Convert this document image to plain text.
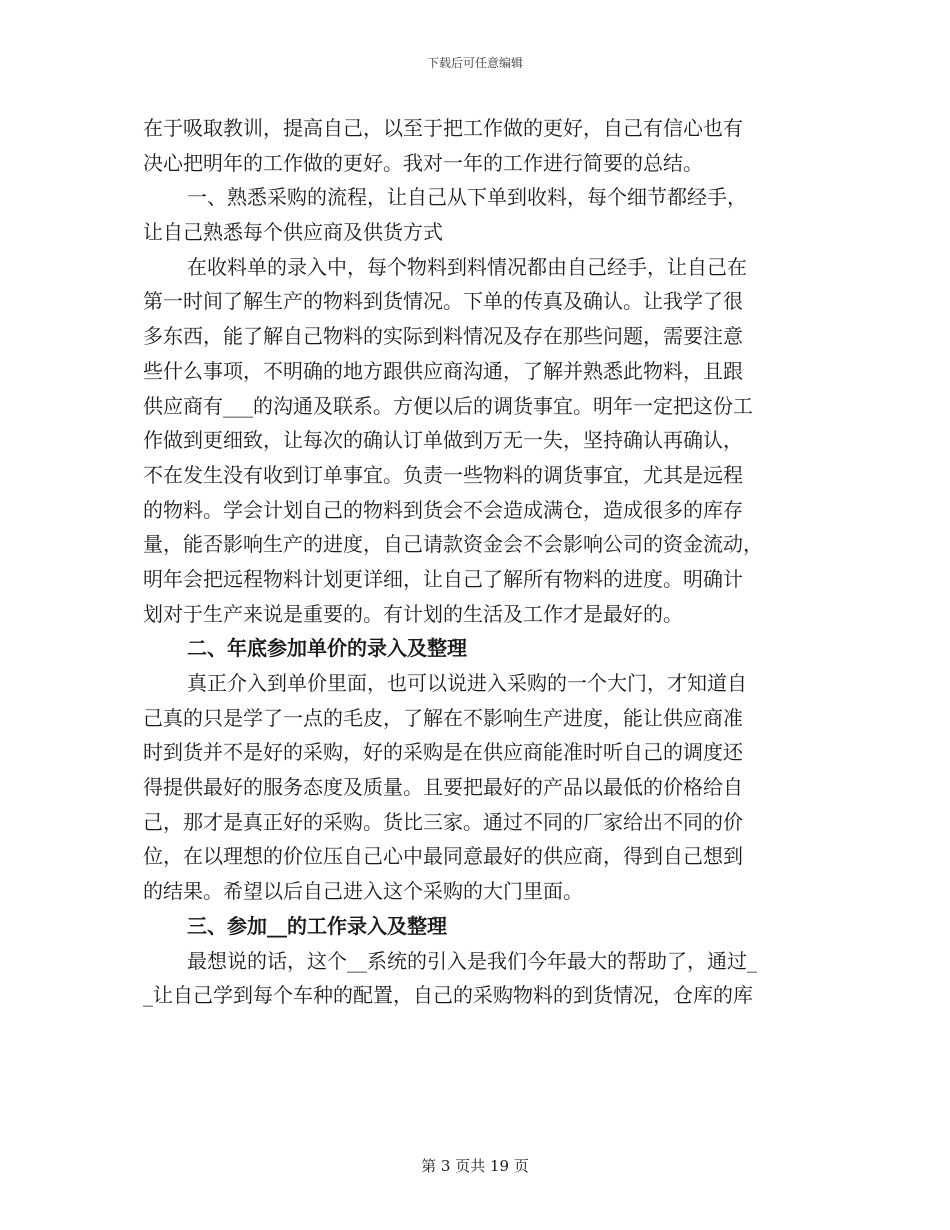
下载后可任意编辑
在于吸取教训，提高自己，以至于把工作做的更好，自己有信心也有
决心把明年的工作做的更好。我对一年的工作进行简要的总结。
一、熟悉采购的流程，让自己从下单到收料，每个细节都经手，
让自己熟悉每个供应商及供货方式
在收料单的录入中，每个物料到料情况都由自己经手，让自己在
第一时间了解生产的物料到货情况。下单的传真及确认。让我学了很
多东西，能了解自己物料的实际到料情况及存在那些问题，需要注意
些什么事项，不明确的地方跟供应商沟通，了解并熟悉此物料，且跟
供应商有___的沟通及联系。方便以后的调货事宜。明年一定把这份工
作做到更细致，让每次的确认订单做到万无一失，坚持确认再确认，
不在发生没有收到订单事宜。负责一些物料的调货事宜，尤其是远程
的物料。学会计划自己的物料到货会不会造成满仓，造成很多的库存
量，能否影响生产的进度，自己请款资金会不会影响公司的资金流动，
明年会把远程物料计划更详细，让自己了解所有物料的进度。明确计
划对于生产来说是重要的。有计划的生活及工作才是最好的。
二、年底参加单价的录入及整理
真正介入到单价里面，也可以说进入采购的一个大门，才知道自
己真的只是学了一点的毛皮，了解在不影响生产进度，能让供应商准
时到货并不是好的采购，好的采购是在供应商能准时听自己的调度还
得提供最好的服务态度及质量。且要把最好的产品以最低的价格给自
己，那才是真正好的采购。货比三家。通过不同的厂家给出不同的价
位，在以理想的价位压自己心中最同意最好的供应商，得到自己想到
的结果。希望以后自己进入这个采购的大门里面。
三、参加__的工作录入及整理
最想说的话，这个__系统的引入是我们今年最大的帮助了，通过_
_让自己学到每个车种的配置，自己的采购物料的到货情况，仓库的库
第 3 页共 19 页
